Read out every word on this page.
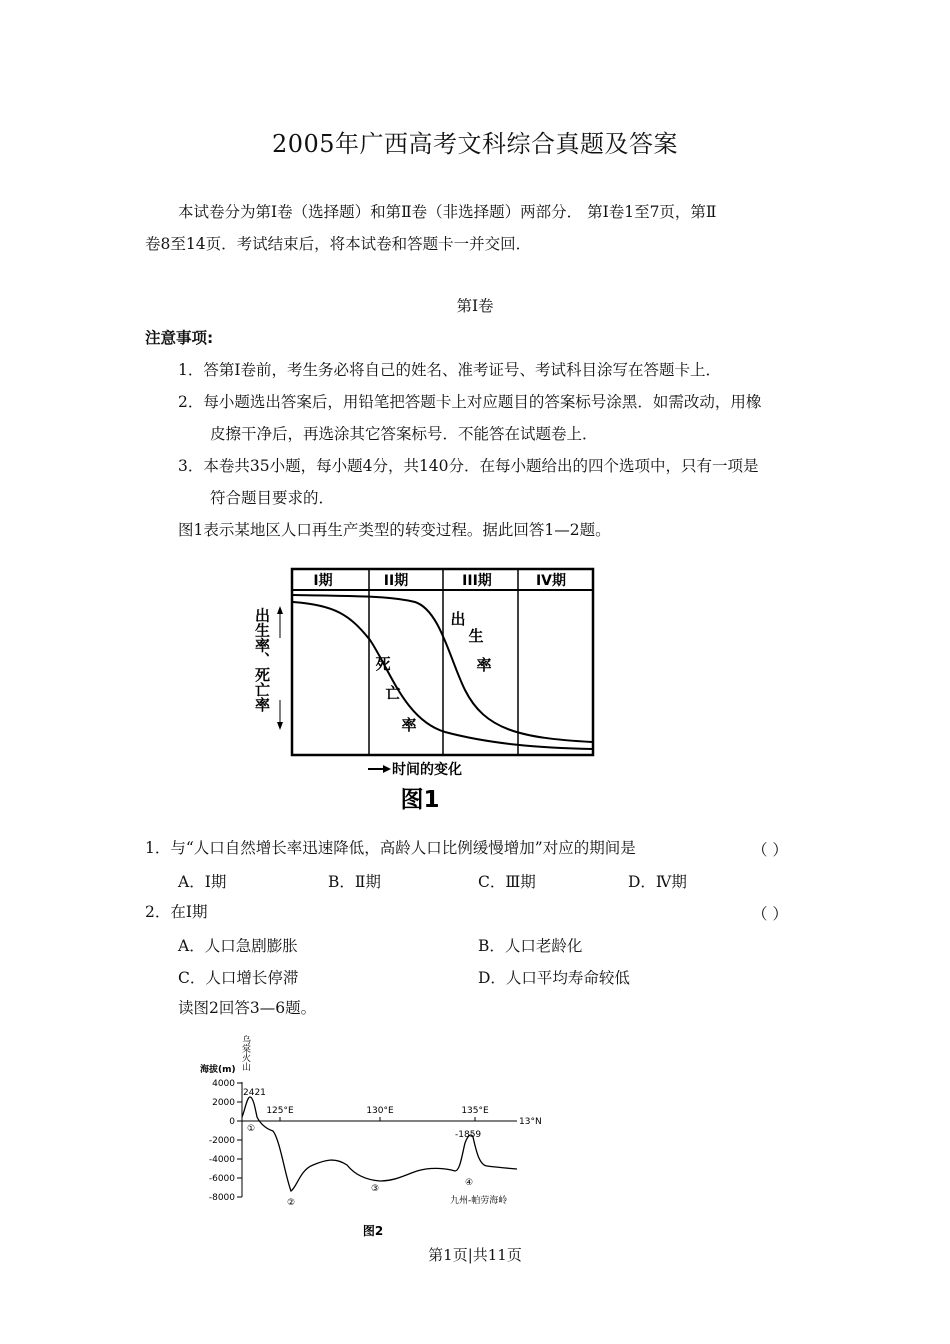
2005年广西高考文科综合真题及答案
本试卷分为第Ⅰ卷（选择题）和第Ⅱ卷（非选择题）两部分． 第Ⅰ卷1至7页，第Ⅱ
卷8至14页．考试结束后，将本试卷和答题卡一并交回．
第Ⅰ卷
注意事项:
1．答第Ⅰ卷前，考生务必将自己的姓名、准考证号、考试科目涂写在答题卡上．
2．每小题选出答案后，用铅笔把答题卡上对应题目的答案标号涂黑．如需改动，用橡
皮擦干净后，再选涂其它答案标号．不能答在试题卷上．
3．本卷共35小题，每小题4分，共140分．在每小题给出的四个选项中，只有一项是
符合题目要求的．
图1表示某地区人口再生产类型的转变过程。据此回答1—2题。
I期	II期	III期	IV期
出
生
率
死
亡
率
出生率
、死亡率
时间的变化
图1
1．与“人口自然增长率迅速降低，高龄人口比例缓慢增加”对应的期间是	（ ）
A．Ⅰ期	B．Ⅱ期	C．Ⅲ期	D．Ⅳ期
2．在Ⅰ期	（ ）
A．人口急剧膨胀	B．人口老龄化
C．人口增长停滞	D．人口平均寿命较低
读图2回答3—6题。
乌棠火山
海拔(m)
4000
2000
0
-2000
-4000
-6000
-8000
125°E	130°E	135°E
13°N
2421
-1859
①
②
③
④
九州-帕劳海岭
图2
第1页|共11页
